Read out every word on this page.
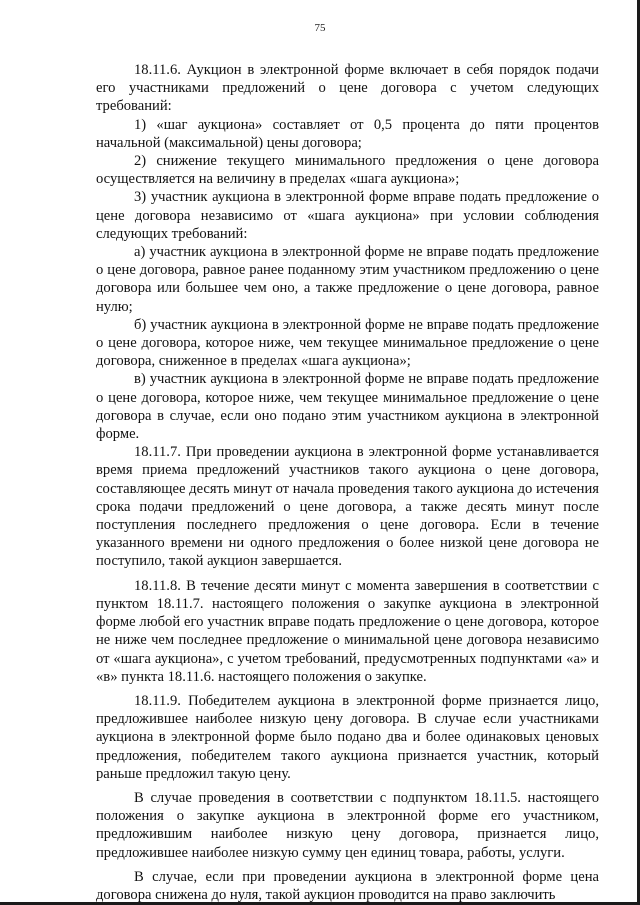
75

18.11.6. Аукцион в электронной форме включает в себя порядок подачи его участниками предложений о цене договора с учетом следующих требований:

1) «шаг аукциона» составляет от 0,5 процента до пяти процентов начальной (максимальной) цены договора;

2) снижение текущего минимального предложения о цене договора осуществляется на величину в пределах «шага аукциона»;

3) участник аукциона в электронной форме вправе подать предложение о цене договора независимо от «шага аукциона» при условии соблюдения следующих требований:

а) участник аукциона в электронной форме не вправе подать предложение о цене договора, равное ранее поданному этим участником предложению о цене договора или большее чем оно, а также предложение о цене договора, равное нулю;

б) участник аукциона в электронной форме не вправе подать предложение о цене договора, которое ниже, чем текущее минимальное предложение о цене договора, сниженное в пределах «шага аукциона»;

в) участник аукциона в электронной форме не вправе подать предложение о цене договора, которое ниже, чем текущее минимальное предложение о цене договора в случае, если оно подано этим участником аукциона в электронной форме.

18.11.7. При проведении аукциона в электронной форме устанавливается время приема предложений участников такого аукциона о цене договора, составляющее десять минут от начала проведения такого аукциона до истечения срока подачи предложений о цене договора, а также десять минут после поступления последнего предложения о цене договора. Если в течение указанного времени ни одного предложения о более низкой цене договора не поступило, такой аукцион завершается.

18.11.8. В течение десяти минут с момента завершения в соответствии с пунктом 18.11.7. настоящего положения о закупке аукциона в электронной форме любой его участник вправе подать предложение о цене договора, которое не ниже чем последнее предложение о минимальной цене договора независимо от «шага аукциона», с учетом требований, предусмотренных подпунктами «а» и «в» пункта 18.11.6. настоящего положения о закупке.

18.11.9. Победителем аукциона в электронной форме признается лицо, предложившее наиболее низкую цену договора. В случае если участниками аукциона в электронной форме было подано два и более одинаковых ценовых предложения, победителем такого аукциона признается участник, который раньше предложил такую цену.

В случае проведения в соответствии с подпунктом 18.11.5. настоящего положения о закупке аукциона в электронной форме его участником, предложившим наиболее низкую цену договора, признается лицо, предложившее наиболее низкую сумму цен единиц товара, работы, услуги.

В случае, если при проведении аукциона в электронной форме цена договора снижена до нуля, такой аукцион проводится на право заключить
